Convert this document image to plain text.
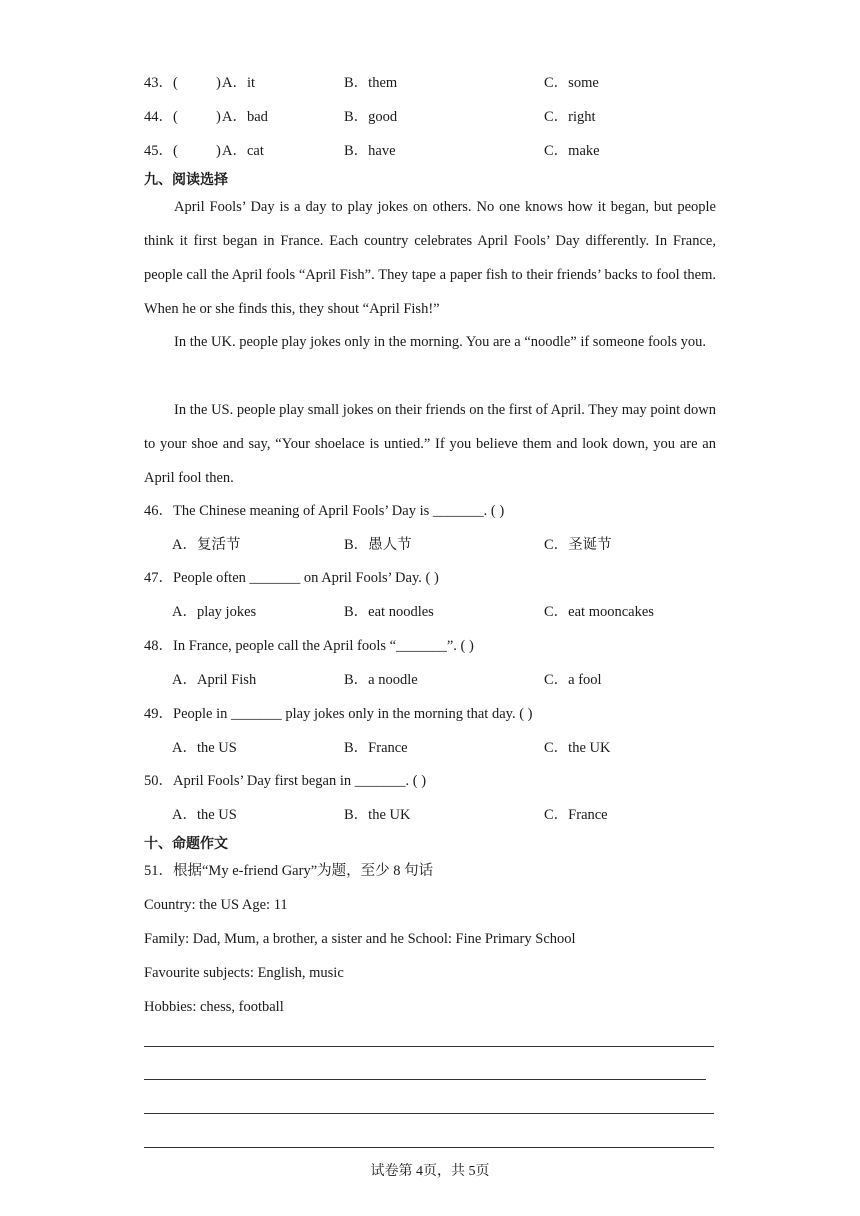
43．(	) A．it	B．them	C．some
44．(	) A．bad	B．good	C．right
45．(	) A．cat	B．have	C．make
九、阅读选择
April Fools’ Day is a day to play jokes on others. No one knows how it began, but people think it first began in France. Each country celebrates April Fools’ Day differently. In France, people call the April fools “April Fish”. They tape a paper fish to their friends’ backs to fool them. When he or she finds this, they shout “April Fish!”
In the UK. people play jokes only in the morning. You are a “noodle” if someone fools you.
In the US. people play small jokes on their friends on the first of April. They may point down to your shoe and say, “Your shoelace is untied.” If you believe them and look down, you are an April fool then.
46．The Chinese meaning of April Fools’ Day is _______. ( )
A．复活节	B．愚人节	C．圣诞节
47．People often _______ on April Fools’ Day. ( )
A．play jokes	B．eat noodles	C．eat mooncakes
48．In France, people call the April fools “_______”. ( )
A．April Fish	B．a noodle	C．a fool
49．People in _______ play jokes only in the morning that day. ( )
A．the US	B．France	C．the UK
50．April Fools’ Day first began in _______. ( )
A．the US	B．the UK	C．France
十、命题作文
51．根据“My e-friend Gary”为题，至少 8 句话
Country: the US Age: 11
Family: Dad, Mum, a brother, a sister and he School: Fine Primary School
Favourite subjects: English, music
Hobbies: chess, football
试卷第 4页，共 5页
